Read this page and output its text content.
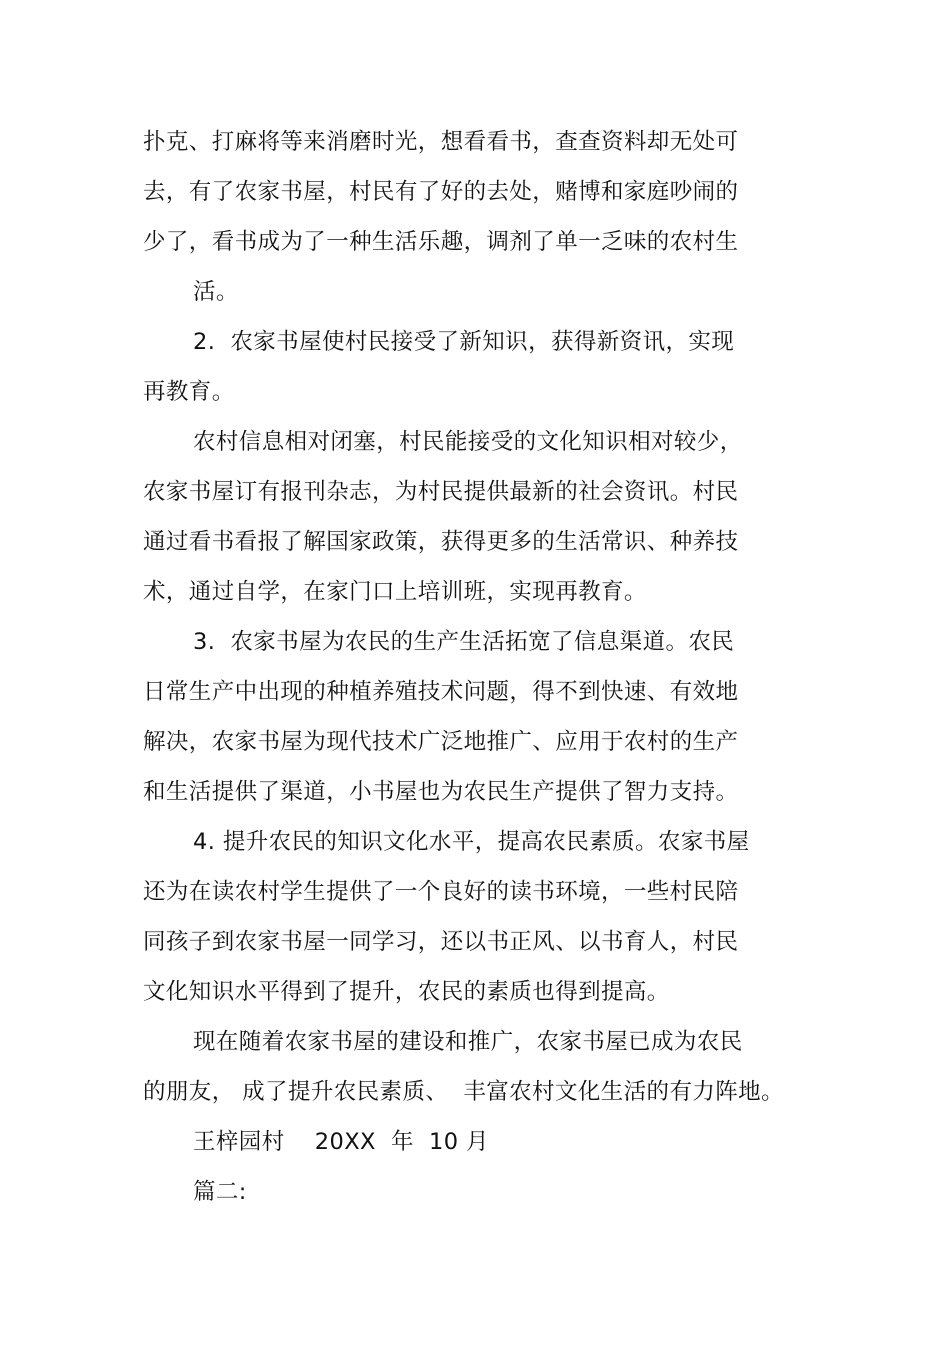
扑克、打麻将等来消磨时光，想看看书，查查资料却无处可
去，有了农家书屋，村民有了好的去处，赌博和家庭吵闹的
少了，看书成为了一种生活乐趣，调剂了单一乏味的农村生
活。
2.  农家书屋使村民接受了新知识，获得新资讯，实现
再教育。
农村信息相对闭塞，村民能接受的文化知识相对较少，
农家书屋订有报刊杂志，为村民提供最新的社会资讯。村民
通过看书看报了解国家政策，获得更多的生活常识、种养技
术，通过自学，在家门口上培训班，实现再教育。
3.  农家书屋为农民的生产生活拓宽了信息渠道。农民
日常生产中出现的种植养殖技术问题，得不到快速、有效地
解决，农家书屋为现代技术广泛地推广、应用于农村的生产
和生活提供了渠道，小书屋也为农民生产提供了智力支持。
4. 提升农民的知识文化水平，提高农民素质。农家书屋
还为在读农村学生提供了一个良好的读书环境，一些村民陪
同孩子到农家书屋一同学习，还以书正风、以书育人，村民
文化知识水平得到了提升，农民的素质也得到提高。
现在随着农家书屋的建设和推广，农家书屋已成为农民
的朋友， 成了提升农民素质、  丰富农村文化生活的有力阵地。
王梓园村    20XX  年  10 月
篇二:
